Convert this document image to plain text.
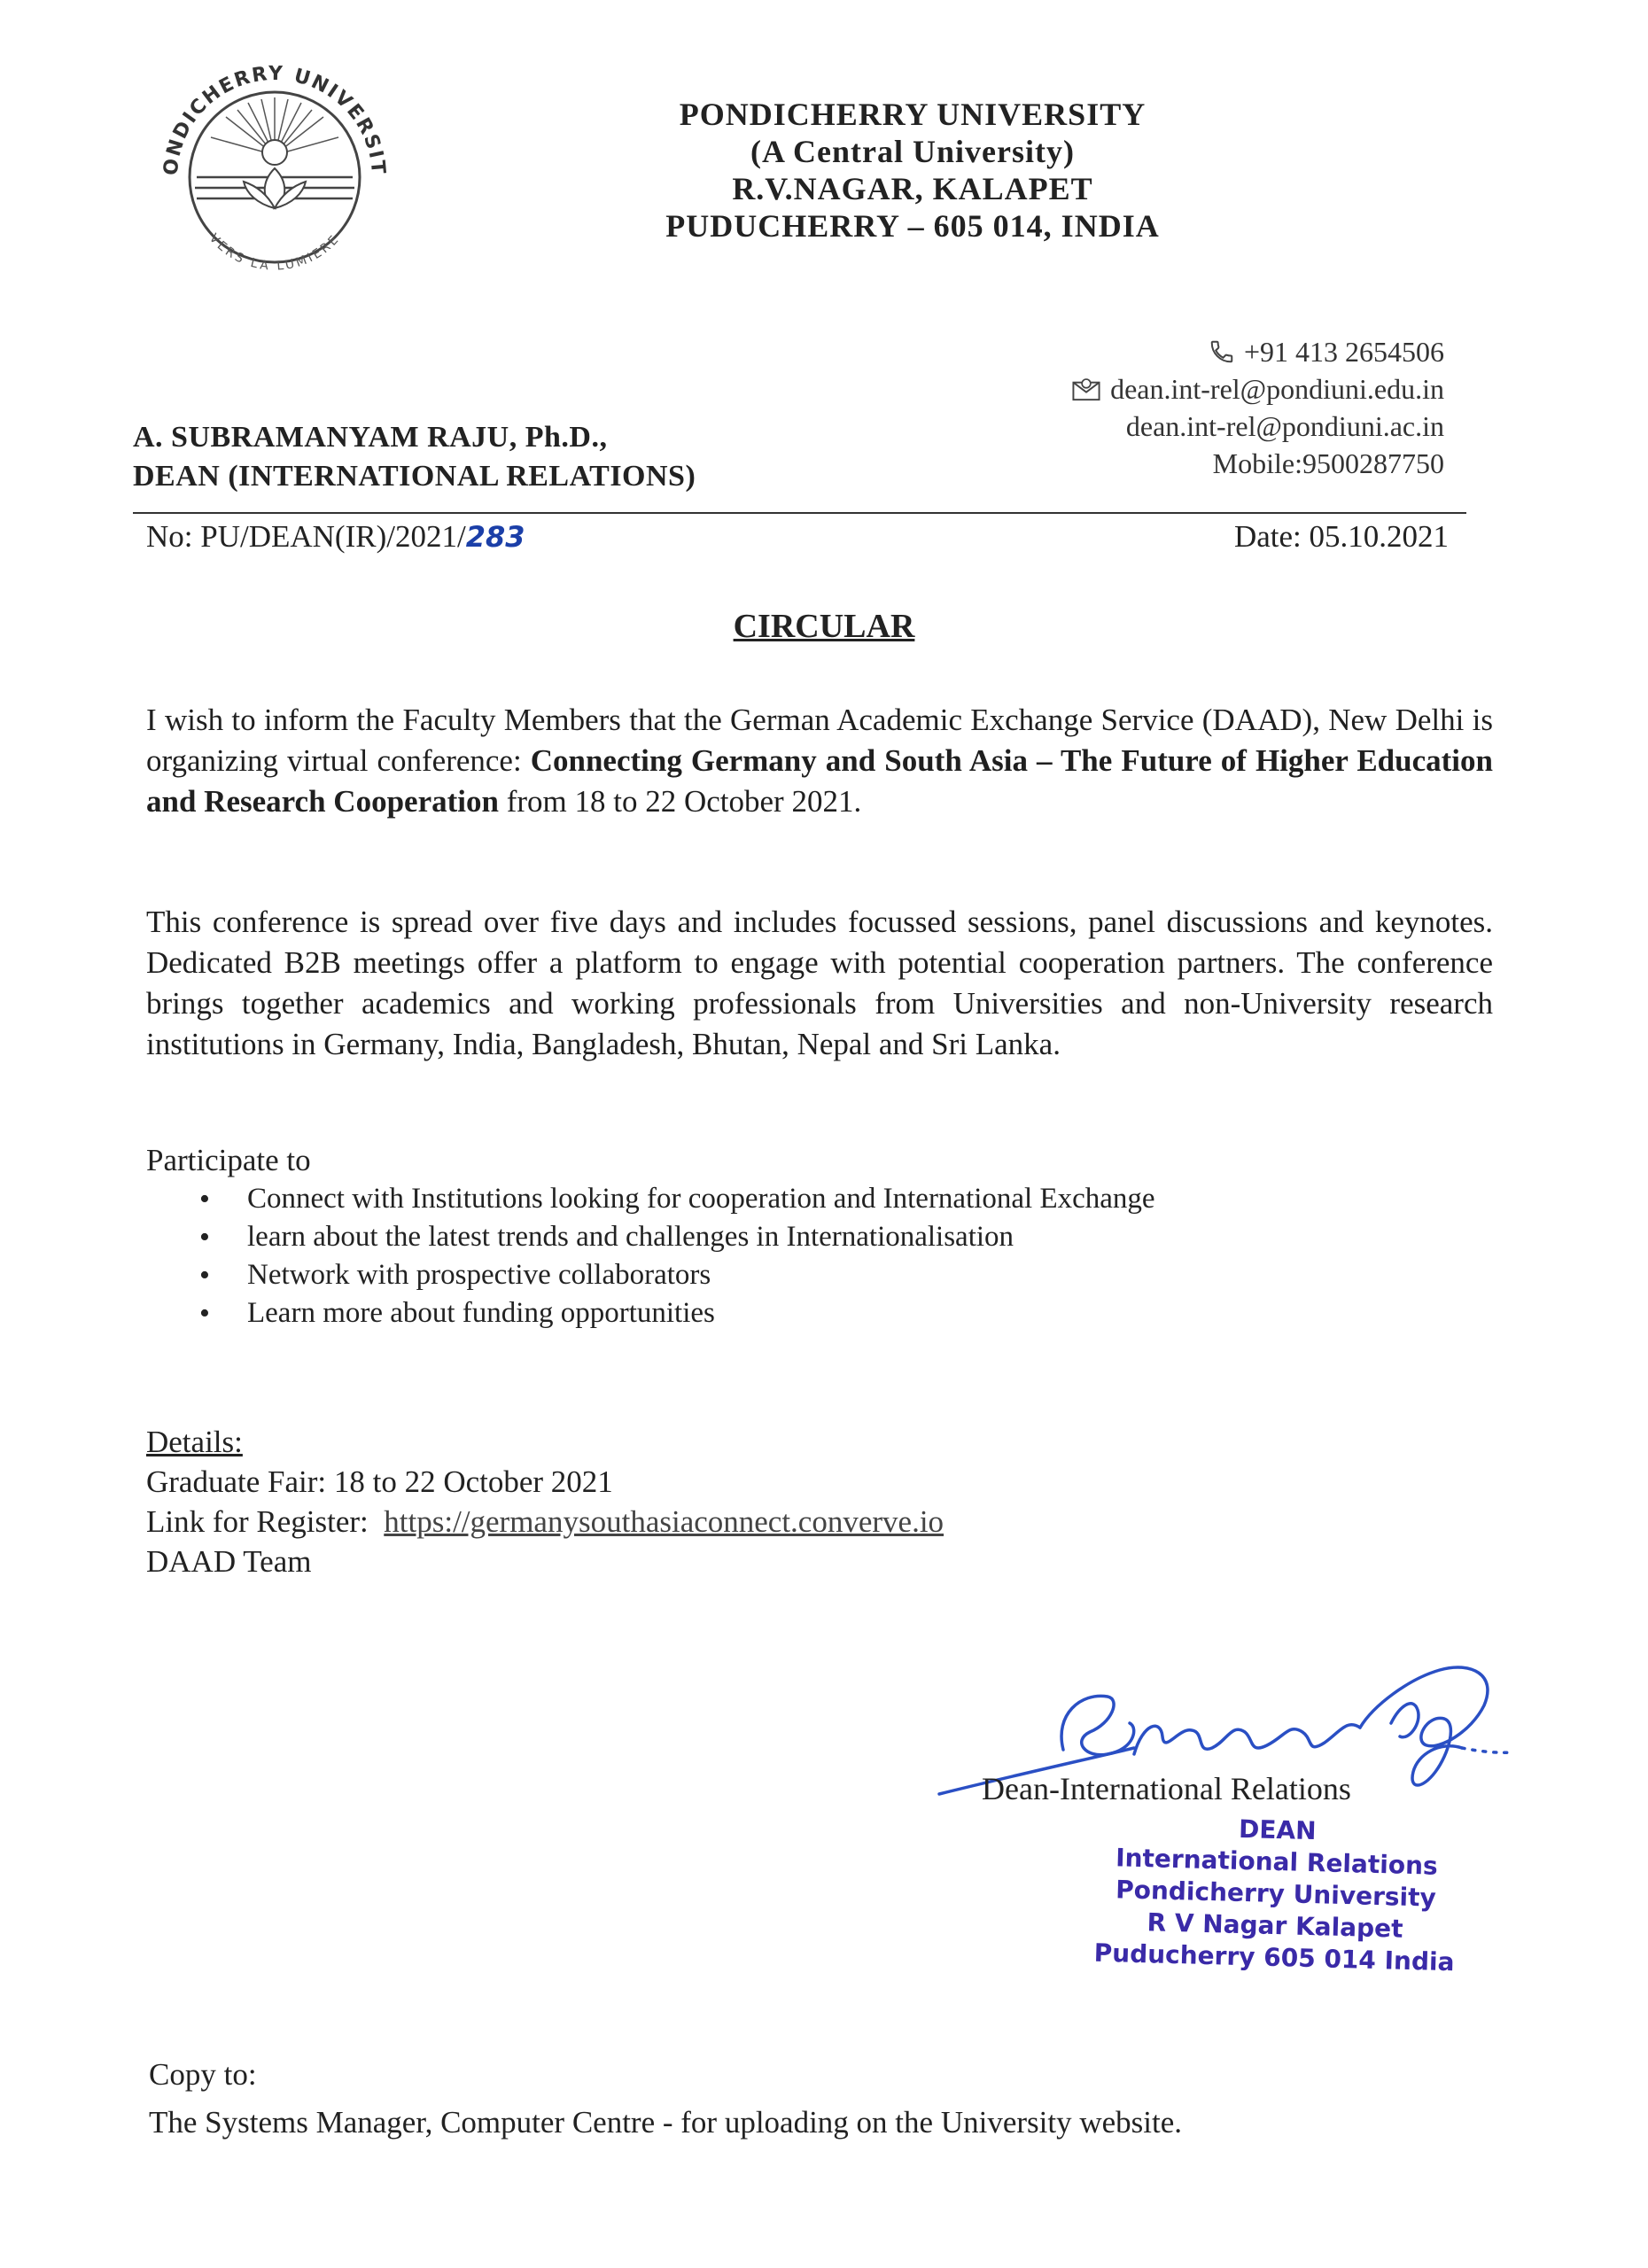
ONDICHERRY UNIVERSIT
VERS LA LUMIERE
PONDICHERRY UNIVERSITY
(A Central University)
R.V.NAGAR, KALAPET
PUDUCHERRY – 605 014, INDIA
+91 413 2654506
dean.int-rel@pondiuni.edu.in
dean.int-rel@pondiuni.ac.in
Mobile:9500287750
A. SUBRAMANYAM RAJU, Ph.D.,
DEAN (INTERNATIONAL RELATIONS)
No: PU/DEAN(IR)/2021/283	Date: 05.10.2021
CIRCULAR
I wish to inform the Faculty Members that the German Academic Exchange Service (DAAD), New Delhi is organizing virtual conference: Connecting Germany and South Asia – The Future of Higher Education and Research Cooperation from 18 to 22 October 2021.
This conference is spread over five days and includes focussed sessions, panel discussions and keynotes. Dedicated B2B meetings offer a platform to engage with potential cooperation partners. The conference brings together academics and working professionals from Universities and non-University research institutions in Germany, India, Bangladesh, Bhutan, Nepal and Sri Lanka.
Participate to
• Connect with Institutions looking for cooperation and International Exchange
• learn about the latest trends and challenges in Internationalisation
• Network with prospective collaborators
• Learn more about funding opportunities
Details:
Graduate Fair: 18 to 22 October 2021
Link for Register: https://germanysouthasiaconnect.converve.io
DAAD Team
Dean-International Relations
DEAN
International Relations
Pondicherry University
R V Nagar Kalapet
Puducherry 605 014 India
Copy to:
The Systems Manager, Computer Centre - for uploading on the University website.
